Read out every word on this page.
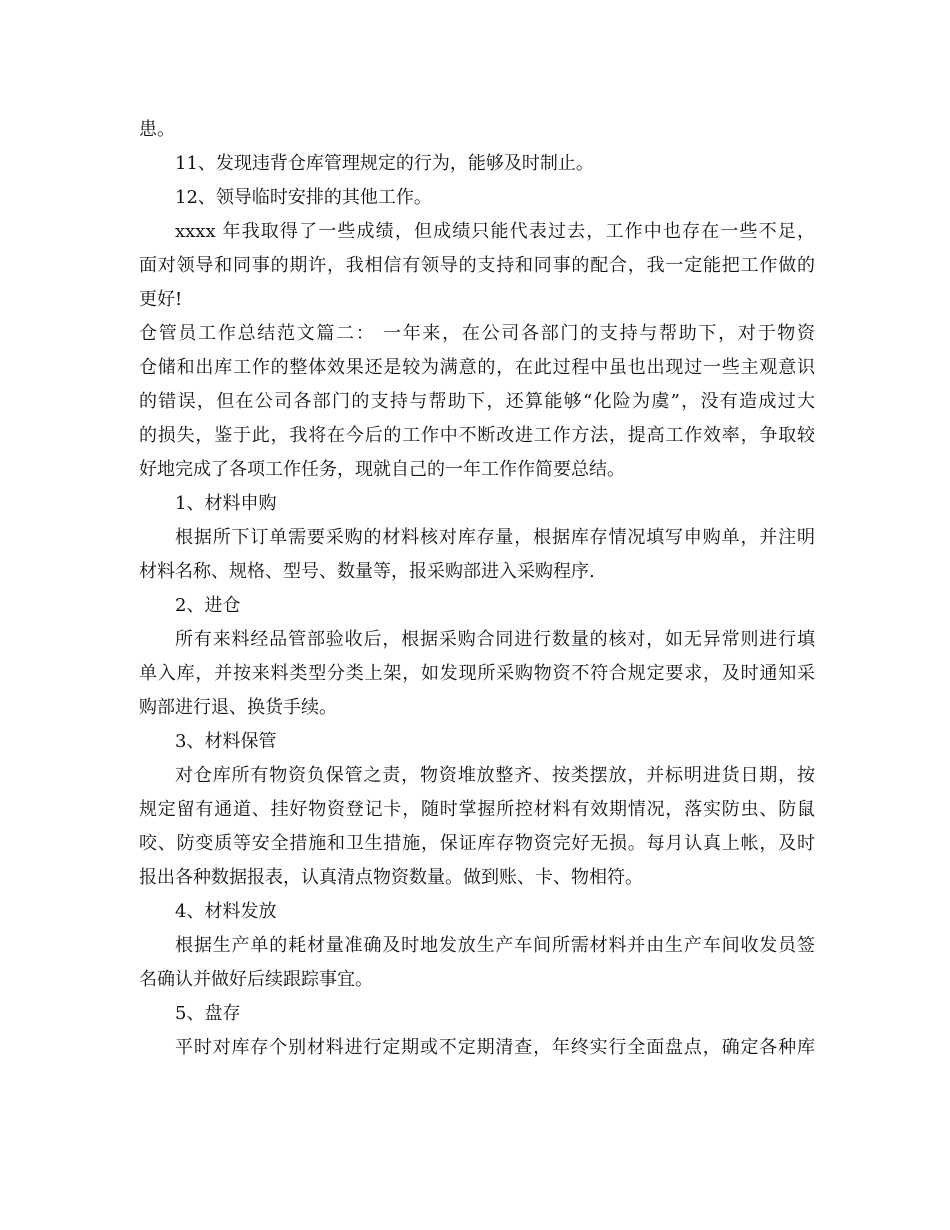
患。
11、发现违背仓库管理规定的行为，能够及时制止。
12、领导临时安排的其他工作。
xxxx 年我取得了一些成绩，但成绩只能代表过去，工作中也存在一些不足，
面对领导和同事的期许，我相信有领导的支持和同事的配合，我一定能把工作做的
更好!
仓管员工作总结范文篇二： 一年来，在公司各部门的支持与帮助下，对于物资
仓储和出库工作的整体效果还是较为满意的，在此过程中虽也出现过一些主观意识
的错误，但在公司各部门的支持与帮助下，还算能够“化险为虞”，没有造成过大
的损失，鉴于此，我将在今后的工作中不断改进工作方法，提高工作效率，争取较
好地完成了各项工作任务，现就自己的一年工作作简要总结。
1、材料申购
根据所下订单需要采购的材料核对库存量，根据库存情况填写申购单，并注明
材料名称、规格、型号、数量等，报采购部进入采购程序.
2、进仓
所有来料经品管部验收后，根据采购合同进行数量的核对，如无异常则进行填
单入库，并按来料类型分类上架，如发现所采购物资不符合规定要求，及时通知采
购部进行退、换货手续。
3、材料保管
对仓库所有物资负保管之责，物资堆放整齐、按类摆放，并标明进货日期，按
规定留有通道、挂好物资登记卡，随时掌握所控材料有效期情况，落实防虫、防鼠
咬、防变质等安全措施和卫生措施，保证库存物资完好无损。每月认真上帐，及时
报出各种数据报表，认真清点物资数量。做到账、卡、物相符。
4、材料发放
根据生产单的耗材量准确及时地发放生产车间所需材料并由生产车间收发员签
名确认并做好后续跟踪事宜。
5、盘存
平时对库存个别材料进行定期或不定期清查，年终实行全面盘点，确定各种库
